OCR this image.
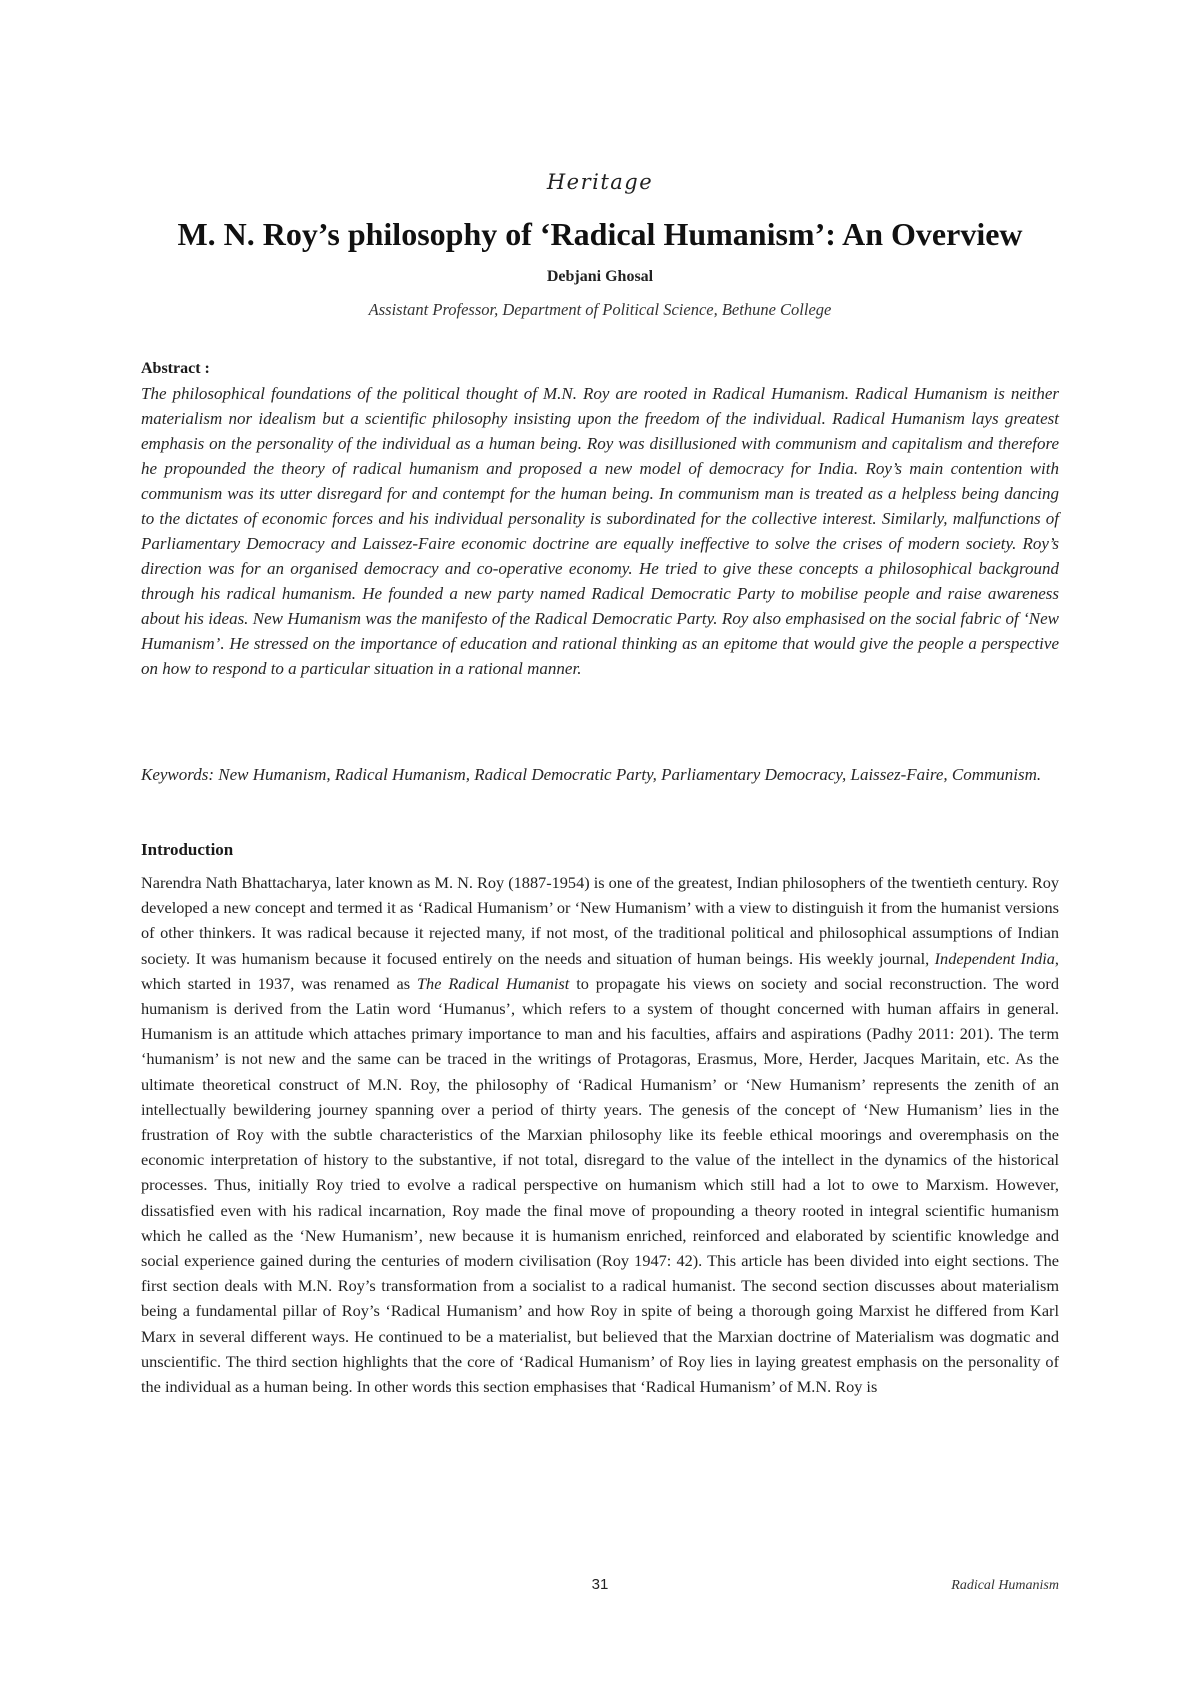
Heritage
M. N. Roy’s philosophy of ‘Radical Humanism’: An Overview
Debjani Ghosal
Assistant Professor, Department of Political Science, Bethune College
Abstract :

The philosophical foundations of the political thought of M.N. Roy are rooted in Radical Humanism. Radical Humanism is neither materialism nor idealism but a scientific philosophy insisting upon the freedom of the individual. Radical Humanism lays greatest emphasis on the personality of the individual as a human being. Roy was disillusioned with communism and capitalism and therefore he propounded the theory of radical humanism and proposed a new model of democracy for India. Roy’s main contention with communism was its utter disregard for and contempt for the human being. In communism man is treated as a helpless being dancing to the dictates of economic forces and his individual personality is subordinated for the collective interest. Similarly, malfunctions of Parliamentary Democracy and Laissez-Faire economic doctrine are equally ineffective to solve the crises of modern society. Roy’s direction was for an organised democracy and co-operative economy. He tried to give these concepts a philosophical background through his radical humanism. He founded a new party named Radical Democratic Party to mobilise people and raise awareness about his ideas. New Humanism was the manifesto of the Radical Democratic Party. Roy also emphasised on the social fabric of ‘New Humanism’. He stressed on the importance of education and rational thinking as an epitome that would give the people a perspective on how to respond to a particular situation in a rational manner.

Keywords: New Humanism, Radical Humanism, Radical Democratic Party, Parliamentary Democracy, Laissez-Faire, Communism.

Introduction

Narendra Nath Bhattacharya, later known as M. N. Roy (1887-1954) is one of the greatest, Indian philosophers of the twentieth century. Roy developed a new concept and termed it as ‘Radical Humanism’ or ‘New Humanism’ with a view to distinguish it from the humanist versions of other thinkers. It was radical because it rejected many, if not most, of the traditional political and philosophical assumptions of Indian society. It was humanism because it focused entirely on the needs and situation of human beings. His weekly journal, Independent India, which started in 1937, was renamed as The Radical Humanist to propagate his views on society and social reconstruction. The word humanism is derived from the Latin word ‘Humanus’, which refers to a system of thought concerned with human affairs in general. Humanism is an attitude which attaches primary importance to man and his faculties, affairs and aspirations (Padhy 2011: 201). The term ‘humanism’ is not new and the same can be traced in the writings of Protagoras, Erasmus, More, Herder, Jacques Maritain, etc. As the ultimate theoretical construct of M.N. Roy, the philosophy of ‘Radical Humanism’ or ‘New Humanism’ represents the zenith of an intellectually bewildering journey spanning over a period of thirty years. The genesis of the concept of ‘New Humanism’ lies in the frustration of Roy with the subtle characteristics of the Marxian philosophy like its feeble ethical moorings and overemphasis on the economic interpretation of history to the substantive, if not total, disregard to the value of the intellect in the dynamics of the historical processes. Thus, initially Roy tried to evolve a radical perspective on humanism which still had a lot to owe to Marxism. However, dissatisfied even with his radical incarnation, Roy made the final move of propounding a theory rooted in integral scientific humanism which he called as the ‘New Humanism’, new because it is humanism enriched, reinforced and elaborated by scientific knowledge and social experience gained during the centuries of modern civilisation (Roy 1947: 42). This article has been divided into eight sections. The first section deals with M.N. Roy’s transformation from a socialist to a radical humanist. The second section discusses about materialism being a fundamental pillar of Roy’s ‘Radical Humanism’ and how Roy in spite of being a thorough going Marxist he differed from Karl Marx in several different ways. He continued to be a materialist, but believed that the Marxian doctrine of Materialism was dogmatic and unscientific. The third section highlights that the core of ‘Radical Humanism’ of Roy lies in laying greatest emphasis on the personality of the individual as a human being. In other words this section emphasises that ‘Radical Humanism’ of M.N. Roy is

31	Radical Humanism
